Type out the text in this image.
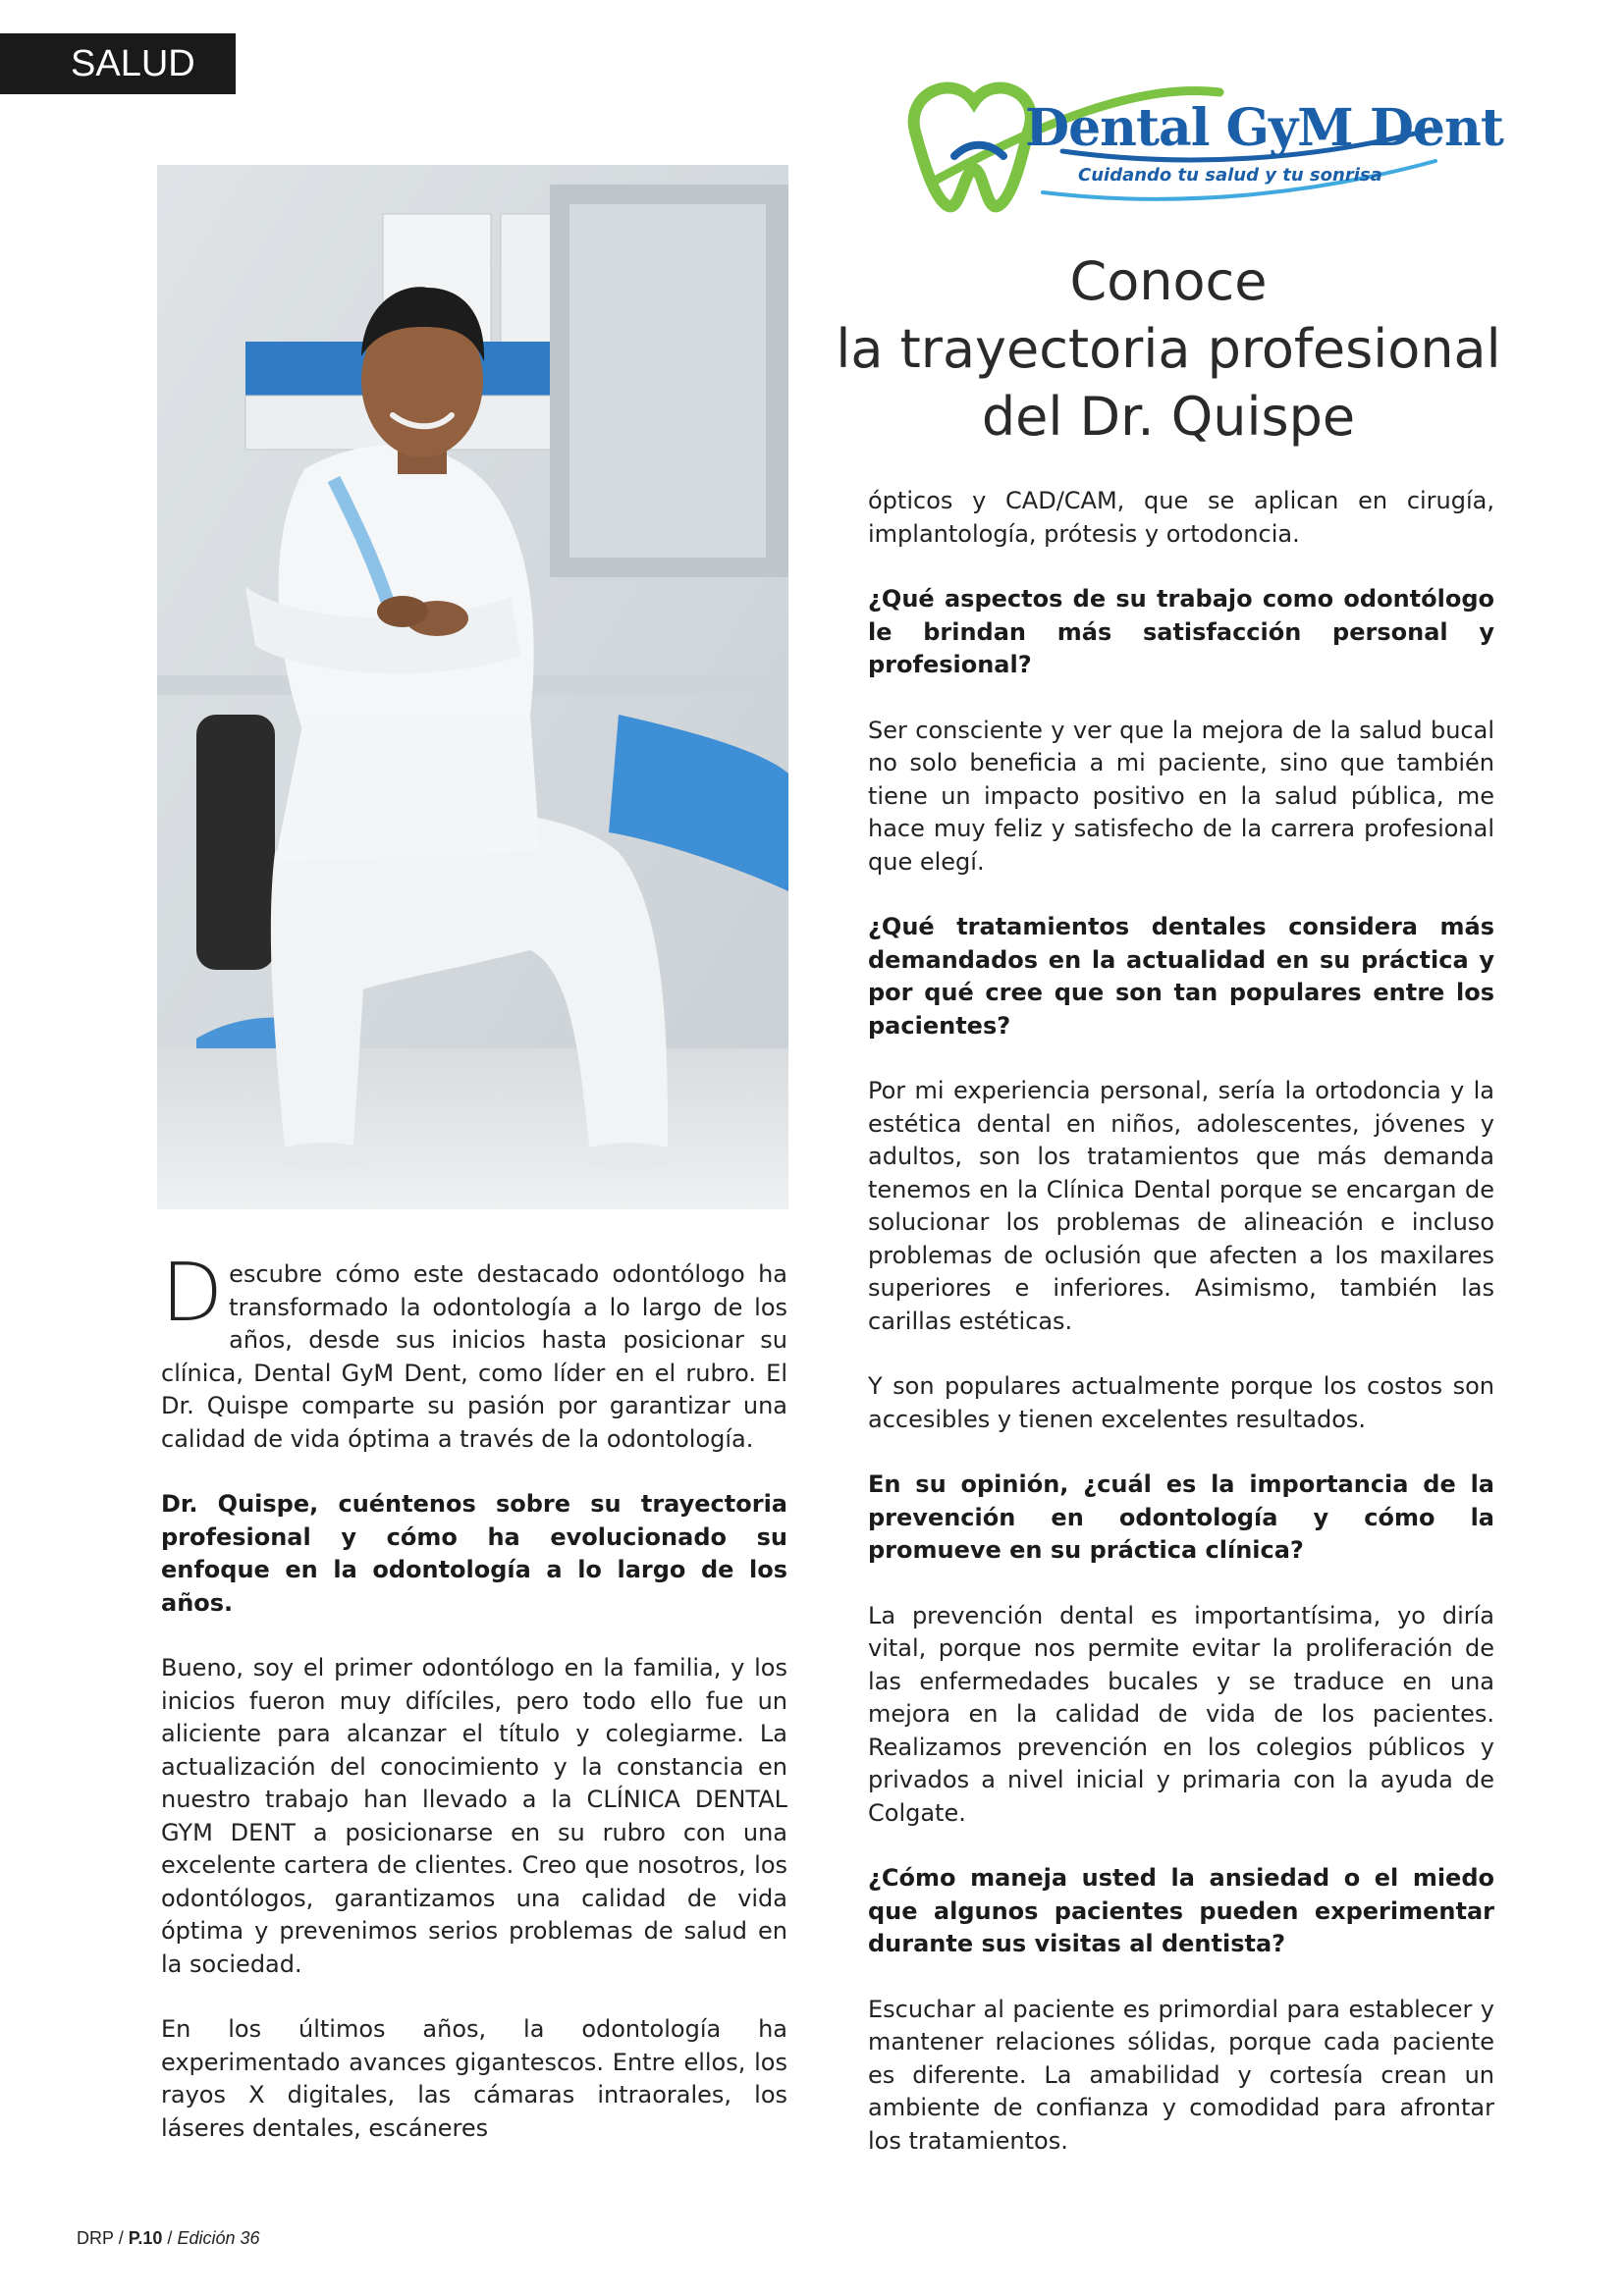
SALUD
Dental GyM Dent
Cuidando tu salud y tu sonrisa
Conoce
la trayectoria profesional
del Dr. Quispe

Descubre cómo este destacado odontólogo ha transformado la odontología a lo largo de los años, desde sus inicios hasta posicionar su clínica, Dental GyM Dent, como líder en el rubro. El Dr. Quispe comparte su pasión por garantizar una calidad de vida óptima a través de la odontología.

Dr. Quispe, cuéntenos sobre su trayectoria profesional y cómo ha evolucionado su enfoque en la odontología a lo largo de los años.

Bueno, soy el primer odontólogo en la familia, y los inicios fueron muy difíciles, pero todo ello fue un aliciente para alcanzar el título y colegiarme. La actualización del conocimiento y la constancia en nuestro trabajo han llevado a la CLÍNICA DENTAL GYM DENT a posicionarse en su rubro con una excelente cartera de clientes. Creo que nosotros, los odontólogos, garantizamos una calidad de vida óptima y prevenimos serios problemas de salud en la sociedad.

En los últimos años, la odontología ha experimentado avances gigantescos. Entre ellos, los rayos X digitales, las cámaras intraorales, los láseres dentales, escáneres

ópticos y CAD/CAM, que se aplican en cirugía, implantología, prótesis y ortodoncia.

¿Qué aspectos de su trabajo como odontólogo le brindan más satisfacción personal y profesional?

Ser consciente y ver que la mejora de la salud bucal no solo beneficia a mi paciente, sino que también tiene un impacto positivo en la salud pública, me hace muy feliz y satisfecho de la carrera profesional que elegí.

¿Qué tratamientos dentales considera más demandados en la actualidad en su práctica y por qué cree que son tan populares entre los pacientes?

Por mi experiencia personal, sería la ortodoncia y la estética dental en niños, adolescentes, jóvenes y adultos, son los tratamientos que más demanda tenemos en la Clínica Dental porque se encargan de solucionar los problemas de alineación e incluso problemas de oclusión que afecten a los maxilares superiores e inferiores. Asimismo, también las carillas estéticas.

Y son populares actualmente porque los costos son accesibles y tienen excelentes resultados.

En su opinión, ¿cuál es la importancia de la prevención en odontología y cómo la promueve en su práctica clínica?

La prevención dental es importantísima, yo diría vital, porque nos permite evitar la proliferación de las enfermedades bucales y se traduce en una mejora en la calidad de vida de los pacientes. Realizamos prevención en los colegios públicos y privados a nivel inicial y primaria con la ayuda de Colgate.

¿Cómo maneja usted la ansiedad o el miedo que algunos pacientes pueden experimentar durante sus visitas al dentista?

Escuchar al paciente es primordial para establecer y mantener relaciones sólidas, porque cada paciente es diferente. La amabilidad y cortesía crean un ambiente de confianza y comodidad para afrontar los tratamientos.

DRP / P.10 / Edición 36
